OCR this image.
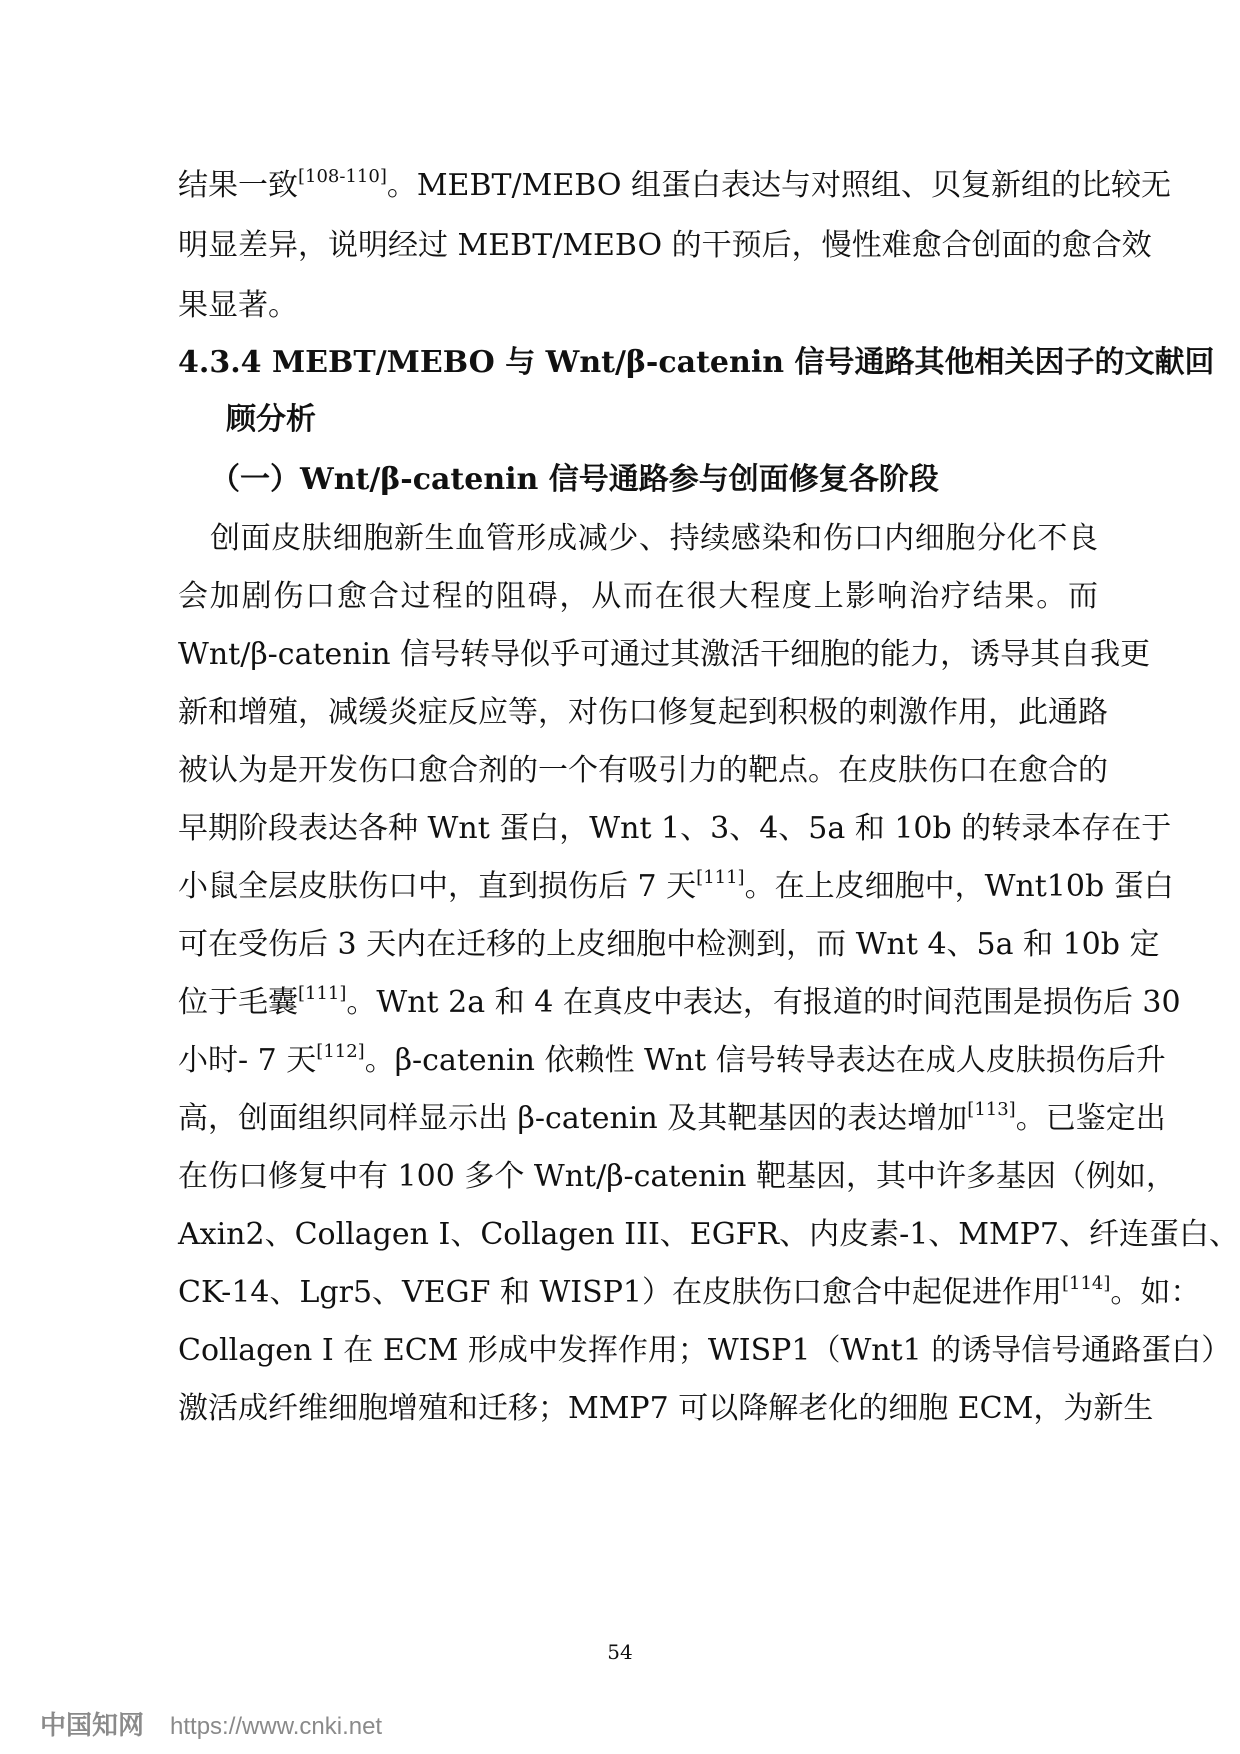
结果一致[108-110]。MEBT/MEBO 组蛋白表达与对照组、贝复新组的比较无
明显差异，说明经过 MEBT/MEBO 的干预后，慢性难愈合创面的愈合效
果显著。
4.3.4 MEBT/MEBO 与 Wnt/β-catenin 信号通路其他相关因子的文献回
顾分析
（一）Wnt/β-catenin 信号通路参与创面修复各阶段
创面皮肤细胞新生血管形成减少、持续感染和伤口内细胞分化不良
会加剧伤口愈合过程的阻碍，从而在很大程度上影响治疗结果。而
Wnt/β-catenin 信号转导似乎可通过其激活干细胞的能力，诱导其自我更
新和增殖，减缓炎症反应等，对伤口修复起到积极的刺激作用，此通路
被认为是开发伤口愈合剂的一个有吸引力的靶点。在皮肤伤口在愈合的
早期阶段表达各种 Wnt 蛋白，Wnt 1、3、4、5a 和 10b 的转录本存在于
小鼠全层皮肤伤口中，直到损伤后 7 天[111]。在上皮细胞中，Wnt10b 蛋白
可在受伤后 3 天内在迁移的上皮细胞中检测到，而 Wnt 4、5a 和 10b 定
位于毛囊[111]。Wnt 2a 和 4 在真皮中表达，有报道的时间范围是损伤后 30
小时- 7 天[112]。β-catenin 依赖性 Wnt 信号转导表达在成人皮肤损伤后升
高，创面组织同样显示出 β-catenin 及其靶基因的表达增加[113]。已鉴定出
在伤口修复中有 100 多个 Wnt/β-catenin 靶基因，其中许多基因（例如，
Axin2、Collagen I、Collagen III、EGFR、内皮素-1、MMP7、纤连蛋白、
CK-14、Lgr5、VEGF 和 WISP1）在皮肤伤口愈合中起促进作用[114]。如：
Collagen I 在 ECM 形成中发挥作用；WISP1（Wnt1 的诱导信号通路蛋白）
激活成纤维细胞增殖和迁移；MMP7 可以降解老化的细胞 ECM，为新生
54
中国知网 https://www.cnki.net
